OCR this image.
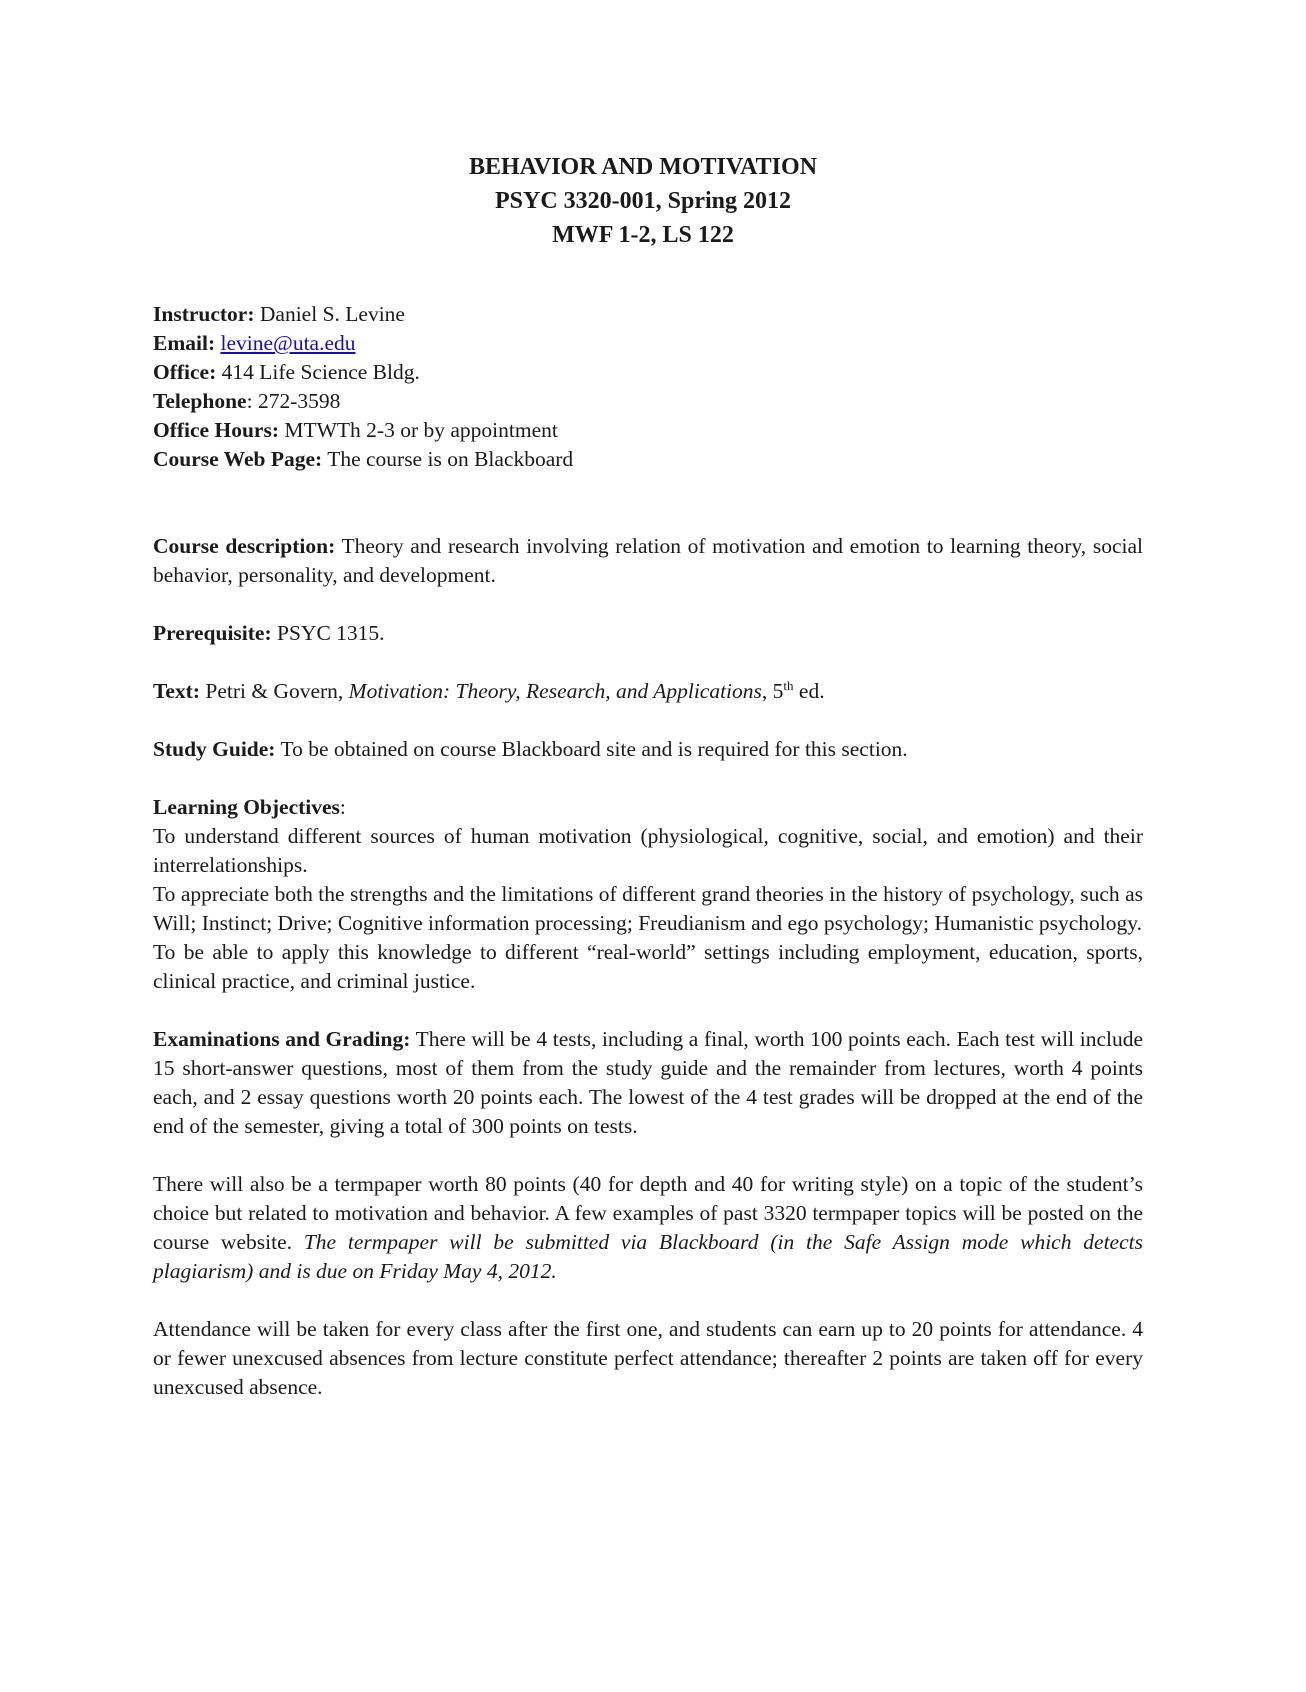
BEHAVIOR AND MOTIVATION
PSYC 3320-001, Spring 2012
MWF 1-2, LS 122
Instructor: Daniel S. Levine
Email: levine@uta.edu
Office: 414 Life Science Bldg.
Telephone: 272-3598
Office Hours: MTWTh 2-3 or by appointment
Course Web Page: The course is on Blackboard

Course description: Theory and research involving relation of motivation and emotion to learning theory, social behavior, personality, and development.

Prerequisite: PSYC 1315.

Text: Petri & Govern, Motivation: Theory, Research, and Applications, 5th ed.

Study Guide: To be obtained on course Blackboard site and is required for this section.

Learning Objectives:

To understand different sources of human motivation (physiological, cognitive, social, and emotion) and their interrelationships.

To appreciate both the strengths and the limitations of different grand theories in the history of psychology, such as Will; Instinct; Drive; Cognitive information processing; Freudianism and ego psychology; Humanistic psychology.

To be able to apply this knowledge to different “real-world” settings including employment, education, sports, clinical practice, and criminal justice.

Examinations and Grading: There will be 4 tests, including a final, worth 100 points each. Each test will include 15 short-answer questions, most of them from the study guide and the remainder from lectures, worth 4 points each, and 2 essay questions worth 20 points each. The lowest of the 4 test grades will be dropped at the end of the end of the semester, giving a total of 300 points on tests.

There will also be a termpaper worth 80 points (40 for depth and 40 for writing style) on a topic of the student’s choice but related to motivation and behavior. A few examples of past 3320 termpaper topics will be posted on the course website. The termpaper will be submitted via Blackboard (in the Safe Assign mode which detects plagiarism) and is due on Friday May 4, 2012.

Attendance will be taken for every class after the first one, and students can earn up to 20 points for attendance. 4 or fewer unexcused absences from lecture constitute perfect attendance; thereafter 2 points are taken off for every unexcused absence.
